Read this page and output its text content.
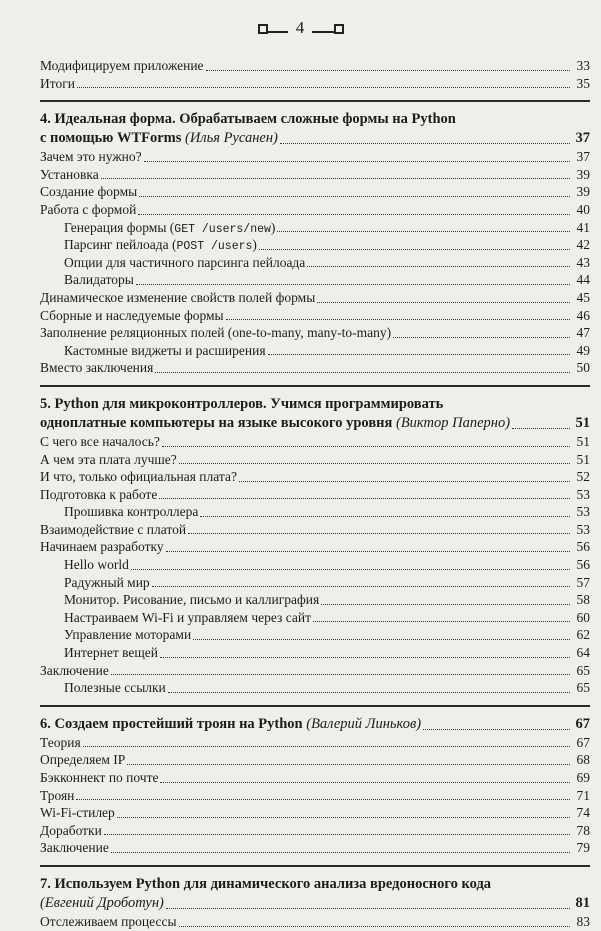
4
Модифицируем приложение	33
Итоги	35
4. Идеальная форма. Обрабатываем сложные формы на Python
с помощью WTForms (Илья Русанен)	37
Зачем это нужно?	37
Установка	39
Создание формы	39
Работа с формой	40
Генерация формы (GET /users/new)	41
Парсинг пейлоада (POST /users)	42
Опции для частичного парсинга пейлоада	43
Валидаторы	44
Динамическое изменение свойств полей формы	45
Сборные и наследуемые формы	46
Заполнение реляционных полей (one-to-many, many-to-many)	47
Кастомные виджеты и расширения	49
Вместо заключения	50
5. Python для микроконтроллеров. Учимся программировать
одноплатные компьютеры на языке высокого уровня (Виктор Паперно)	51
С чего все началось?	51
А чем эта плата лучше?	51
И что, только официальная плата?	52
Подготовка к работе	53
Прошивка контроллера	53
Взаимодействие с платой	53
Начинаем разработку	56
Hello world	56
Радужный мир	57
Монитор. Рисование, письмо и каллиграфия	58
Настраиваем Wi-Fi и управляем через сайт	60
Управление моторами	62
Интернет вещей	64
Заключение	65
Полезные ссылки	65
6. Создаем простейший троян на Python (Валерий Линьков)	67
Теория	67
Определяем IP	68
Бэкконнект по почте	69
Троян	71
Wi-Fi-стилер	74
Доработки	78
Заключение	79
7. Используем Python для динамического анализа вредоносного кода
(Евгений Дроботун)	81
Отслеживаем процессы	83
